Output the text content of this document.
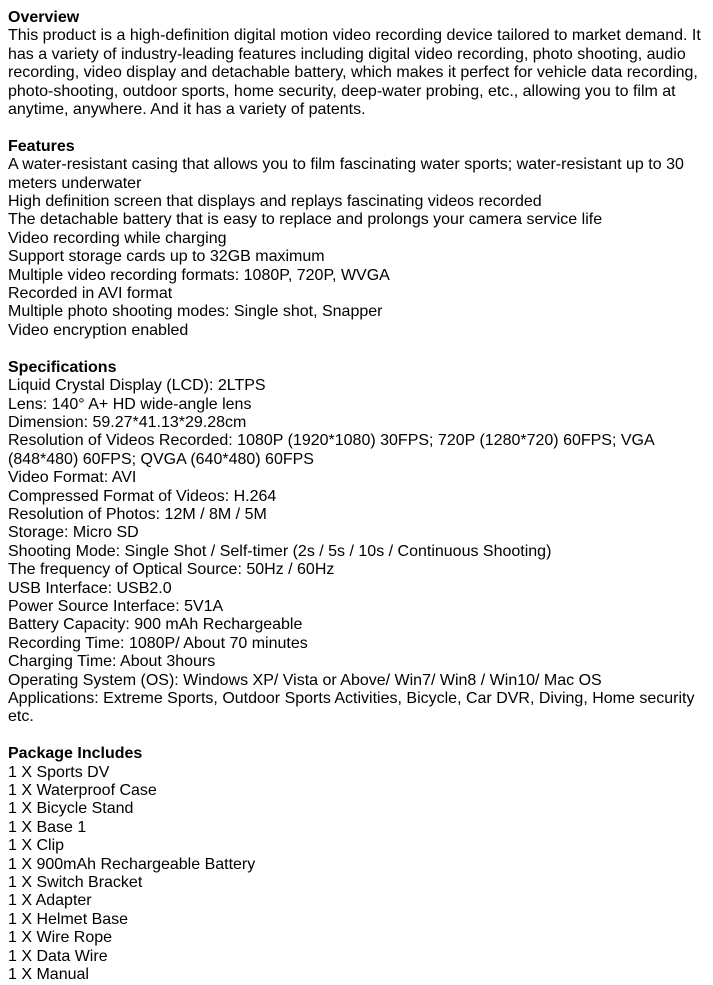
Overview
This product is a high-definition digital motion video recording device tailored to market demand. It has a variety of industry-leading features including digital video recording, photo shooting, audio recording, video display and detachable battery, which makes it perfect for vehicle data recording, photo-shooting, outdoor sports, home security, deep-water probing, etc., allowing you to film at anytime, anywhere. And it has a variety of patents.
Features
A water-resistant casing that allows you to film fascinating water sports; water-resistant up to 30 meters underwater
High definition screen that displays and replays fascinating videos recorded
The detachable battery that is easy to replace and prolongs your camera service life
Video recording while charging
Support storage cards up to 32GB maximum
Multiple video recording formats: 1080P, 720P, WVGA
Recorded in AVI format
Multiple photo shooting modes: Single shot, Snapper
Video encryption enabled
Specifications
Liquid Crystal Display (LCD): 2LTPS
Lens: 140° A+ HD wide-angle lens
Dimension: 59.27*41.13*29.28cm
Resolution of Videos Recorded: 1080P (1920*1080) 30FPS; 720P (1280*720) 60FPS; VGA (848*480) 60FPS; QVGA (640*480) 60FPS
Video Format: AVI
Compressed Format of Videos: H.264
Resolution of Photos: 12M / 8M / 5M
Storage: Micro SD
Shooting Mode: Single Shot / Self-timer (2s / 5s / 10s / Continuous Shooting)
The frequency of Optical Source: 50Hz / 60Hz
USB Interface: USB2.0
Power Source Interface: 5V1A
Battery Capacity: 900 mAh Rechargeable
Recording Time: 1080P/ About 70 minutes
Charging Time: About 3hours
Operating System (OS): Windows XP/ Vista or Above/ Win7/ Win8 / Win10/ Mac OS
Applications: Extreme Sports, Outdoor Sports Activities, Bicycle, Car DVR, Diving, Home security etc.
Package Includes
1 X Sports DV
1 X Waterproof Case
1 X Bicycle Stand
1 X Base 1
1 X Clip
1 X 900mAh Rechargeable Battery
1 X Switch Bracket
1 X Adapter
1 X Helmet Base
1 X Wire Rope
1 X Data Wire
1 X Manual
